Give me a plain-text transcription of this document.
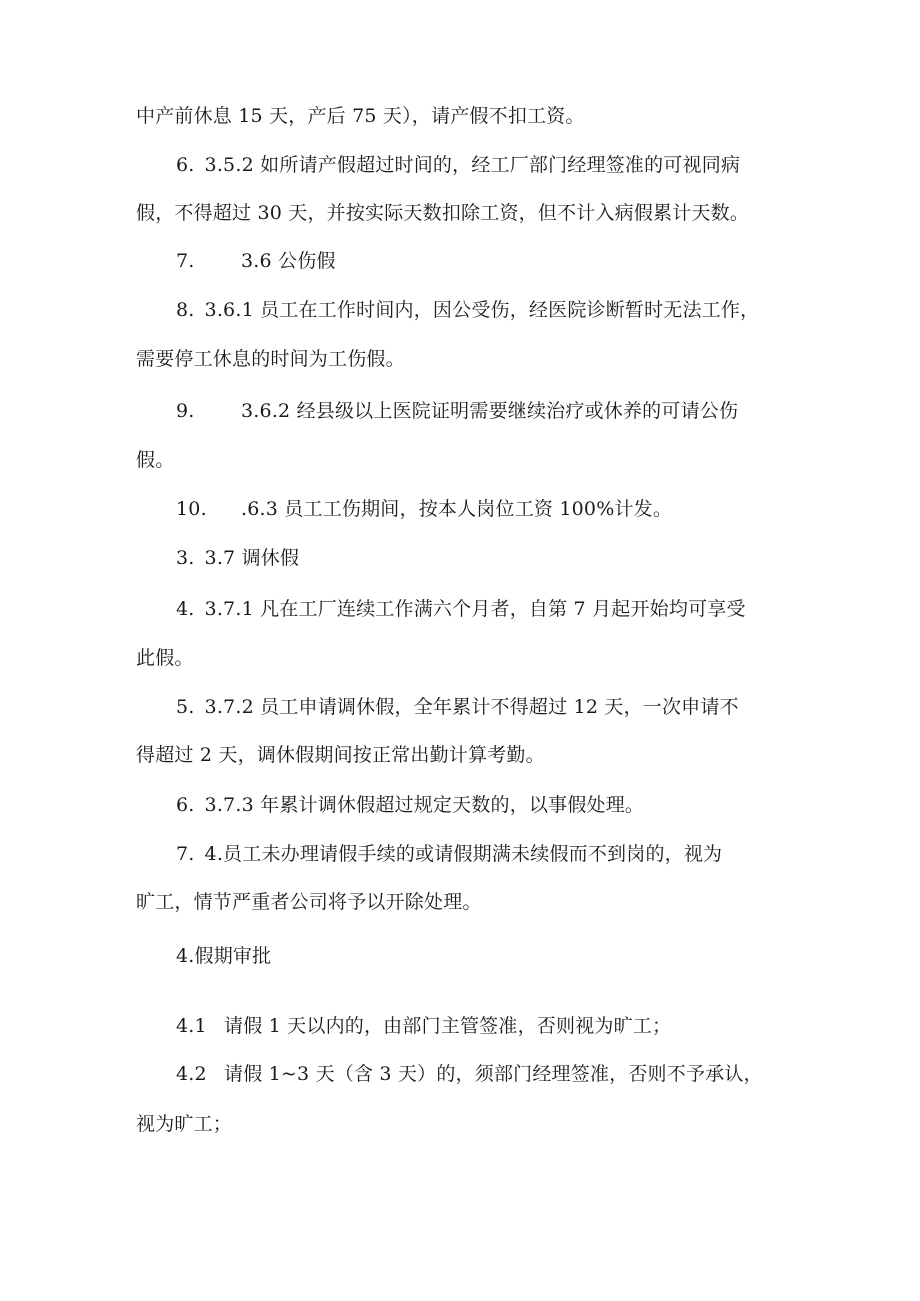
中产前休息 15 天，产后 75 天），请产假不扣工资。
6. 3.5.2 如所请产假超过时间的，经工厂部门经理签准的可视同病
假，不得超过 30 天，并按实际天数扣除工资，但不计入病假累计天数。
7. 3.6 公伤假
8. 3.6.1 员工在工作时间内，因公受伤，经医院诊断暂时无法工作，
需要停工休息的时间为工伤假。
9. 3.6.2 经县级以上医院证明需要继续治疗或休养的可请公伤
假。
10. .6.3 员工工伤期间，按本人岗位工资 100%计发。
3. 3.7 调休假
4. 3.7.1 凡在工厂连续工作满六个月者，自第 7 月起开始均可享受
此假。
5. 3.7.2 员工申请调休假，全年累计不得超过 12 天，一次申请不
得超过 2 天，调休假期间按正常出勤计算考勤。
6. 3.7.3 年累计调休假超过规定天数的，以事假处理。
7. 4.员工未办理请假手续的或请假期满未续假而不到岗的，视为
旷工，情节严重者公司将予以开除处理。
4.假期审批
4.1 请假 1 天以内的，由部门主管签准，否则视为旷工；
4.2 请假 1~3 天（含 3 天）的，须部门经理签准，否则不予承认，
视为旷工；
